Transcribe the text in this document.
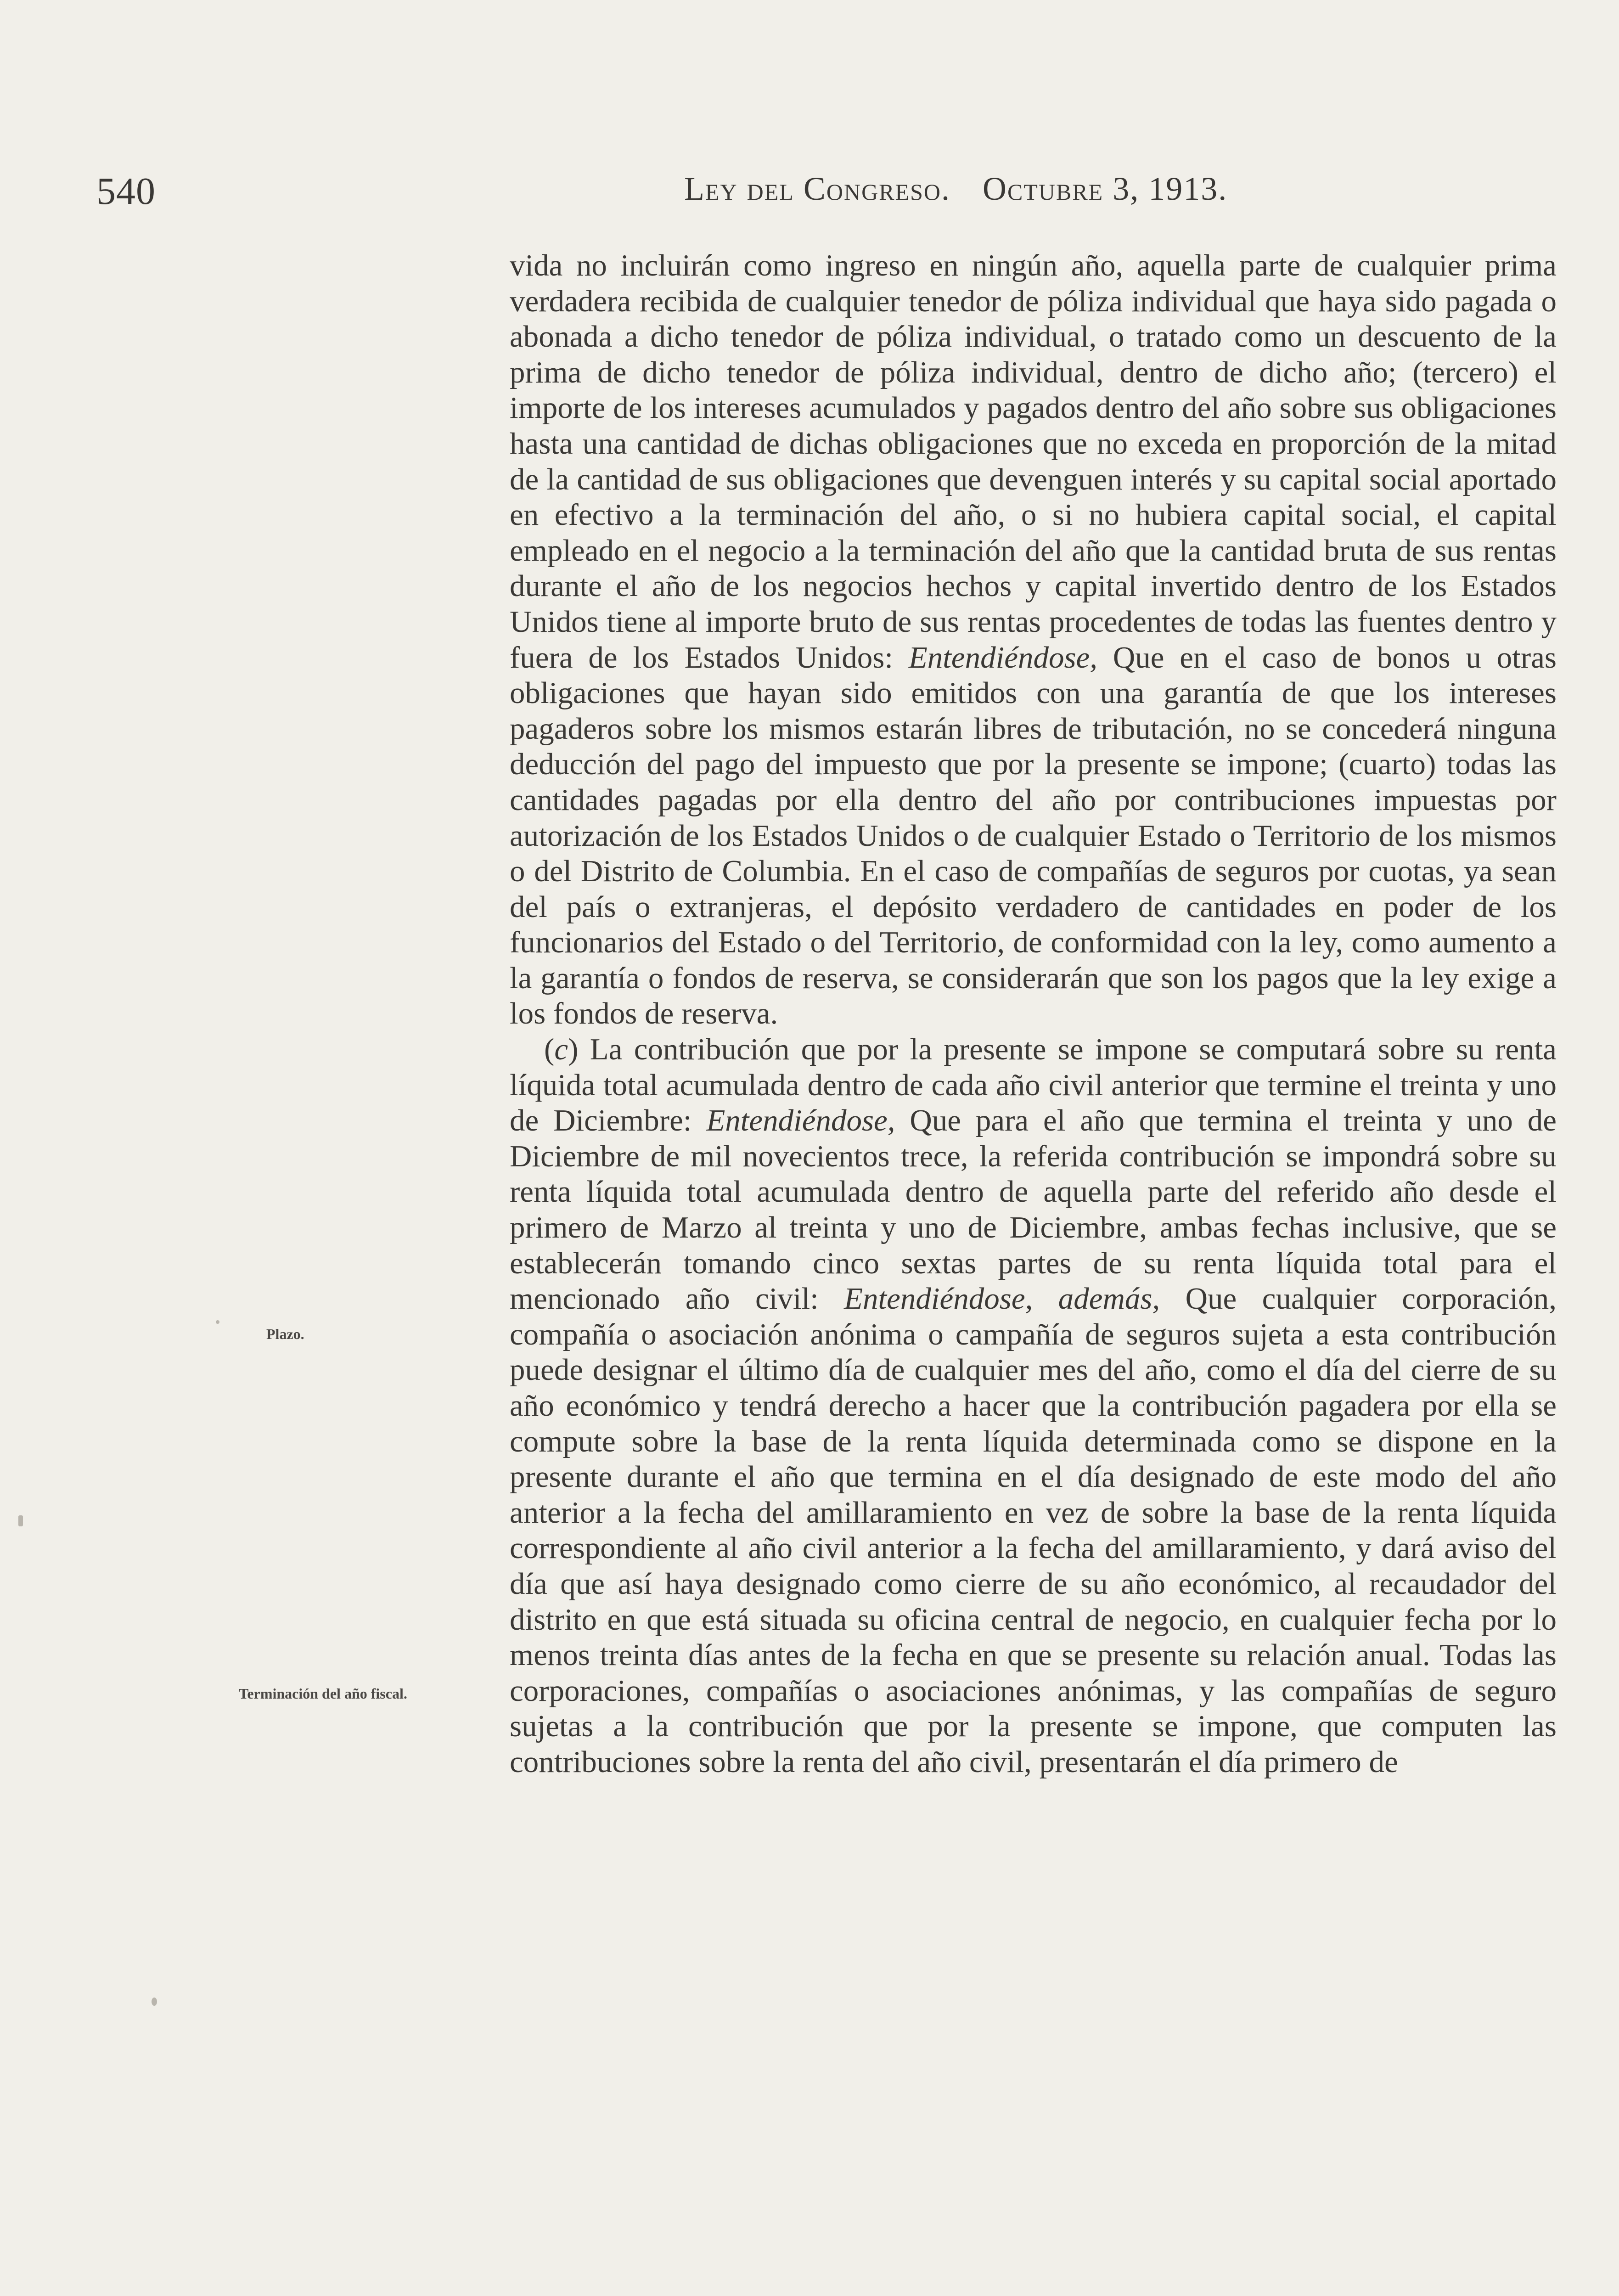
540	Ley del Congreso. Octubre 3, 1913.
Plazo.
Terminación del año fiscal.

vida no incluirán como ingreso en ningún año, aquella parte de cualquier prima verdadera recibida de cualquier tenedor de póliza individual que haya sido pagada o abonada a dicho tenedor de póliza individual, o tratado como un descuento de la prima de dicho tenedor de póliza individual, dentro de dicho año; (tercero) el importe de los intereses acumulados y pagados dentro del año sobre sus obligaciones hasta una cantidad de dichas obligaciones que no exceda en proporción de la mitad de la cantidad de sus obligaciones que devenguen interés y su capital social aportado en efectivo a la terminación del año, o si no hubiera capital social, el capital empleado en el negocio a la terminación del año que la cantidad bruta de sus rentas durante el año de los negocios hechos y capital invertido dentro de los Estados Unidos tiene al importe bruto de sus rentas procedentes de todas las fuentes dentro y fuera de los Estados Unidos: Entendiéndose, Que en el caso de bonos u otras obligaciones que hayan sido emitidos con una garantía de que los intereses pagaderos sobre los mismos estarán libres de tributación, no se concederá ninguna deducción del pago del impuesto que por la presente se impone; (cuarto) todas las cantidades pagadas por ella dentro del año por contribuciones impuestas por autorización de los Estados Unidos o de cualquier Estado o Territorio de los mismos o del Distrito de Columbia. En el caso de compañías de seguros por cuotas, ya sean del país o extranjeras, el depósito verdadero de cantidades en poder de los funcionarios del Estado o del Territorio, de conformidad con la ley, como aumento a la garantía o fondos de reserva, se considerarán que son los pagos que la ley exige a los fondos de reserva.

(c) La contribución que por la presente se impone se computará sobre su renta líquida total acumulada dentro de cada año civil anterior que termine el treinta y uno de Diciembre: Entendiéndose, Que para el año que termina el treinta y uno de Diciembre de mil novecientos trece, la referida contribución se impondrá sobre su renta líquida total acumulada dentro de aquella parte del referido año desde el primero de Marzo al treinta y uno de Diciembre, ambas fechas inclusive, que se establecerán tomando cinco sextas partes de su renta líquida total para el mencionado año civil: Entendiéndose, además, Que cualquier corporación, compañía o asociación anónima o campañía de seguros sujeta a esta contribución puede designar el último día de cualquier mes del año, como el día del cierre de su año económico y tendrá derecho a hacer que la contribución pagadera por ella se compute sobre la base de la renta líquida determinada como se dispone en la presente durante el año que termina en el día designado de este modo del año anterior a la fecha del amillaramiento en vez de sobre la base de la renta líquida correspondiente al año civil anterior a la fecha del amillaramiento, y dará aviso del día que así haya designado como cierre de su año económico, al recaudador del distrito en que está situada su oficina central de negocio, en cualquier fecha por lo menos treinta días antes de la fecha en que se presente su relación anual. Todas las corporaciones, compañías o asociaciones anónimas, y las compañías de seguro sujetas a la contribución que por la presente se impone, que computen las contribuciones sobre la renta del año civil, presentarán el día primero de
